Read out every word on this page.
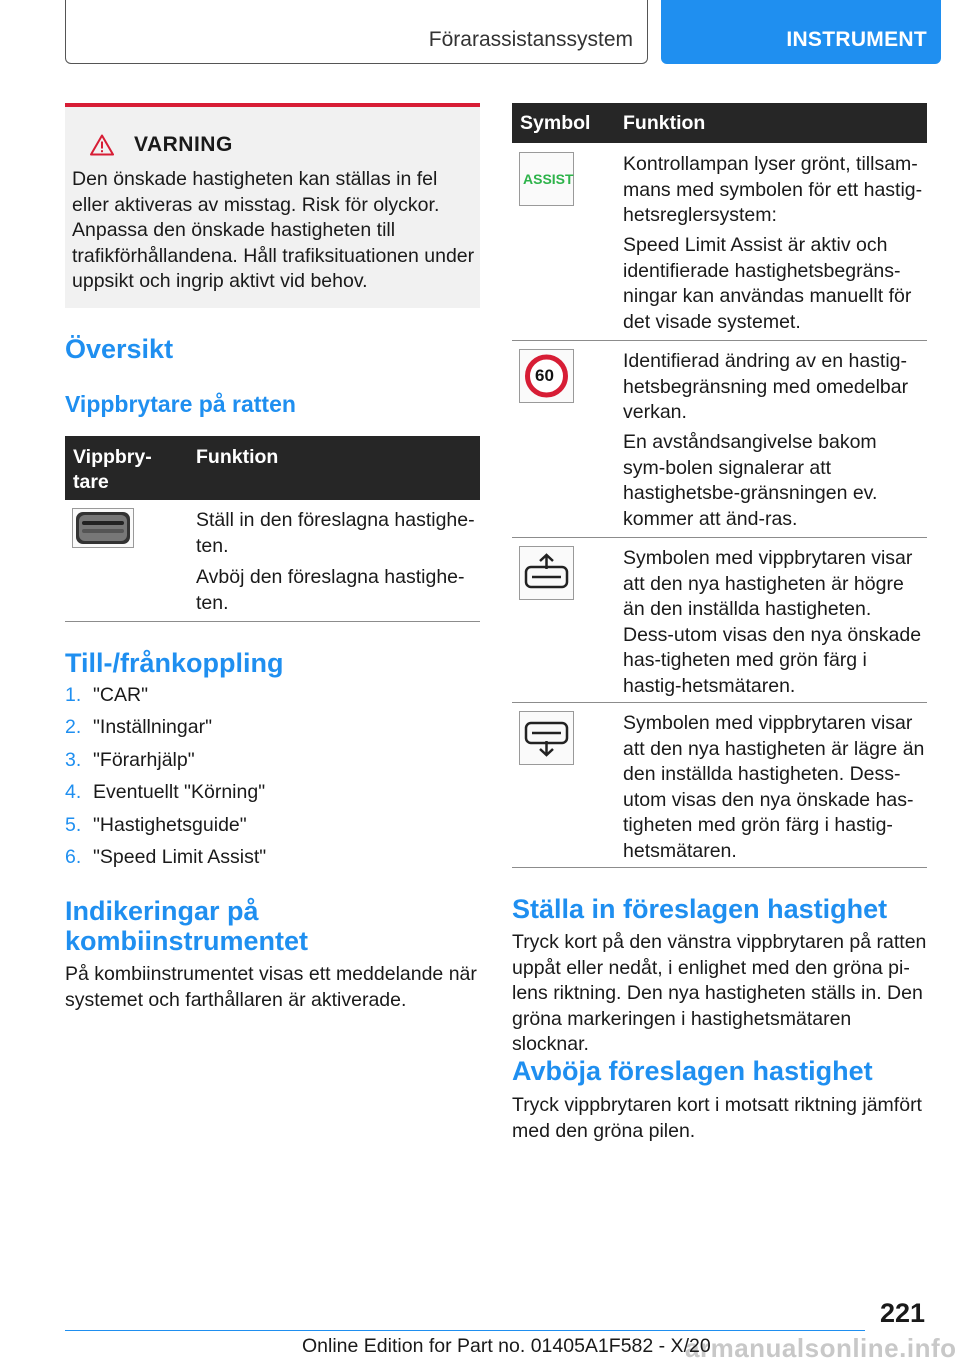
Förarassistanssystem	INSTRUMENT
VARNING
Den önskade hastigheten kan ställas in fel eller aktiveras av misstag. Risk för olyckor. Anpassa den önskade hastigheten till trafikförhållandena. Håll trafiksituationen under uppsikt och ingrip aktivt vid behov.
Översikt
Vippbrytare på ratten
Vippbry-tare
Funktion
Ställ in den föreslagna hastighe-ten.
Avböj den föreslagna hastighe-ten.
Till-/frånkoppling
1. "CAR"
2. "Inställningar"
3. "Förarhjälp"
4. Eventuellt "Körning"
5. "Hastighetsguide"
6. "Speed Limit Assist"
Indikeringar på
kombiinstrumentet
På kombiinstrumentet visas ett meddelande när systemet och farthållaren är aktiverade.
Symbol Funktion
ASSIST
Kontrollampan lyser grönt, tillsam-mans med symbolen för ett hastig-hetsreglersystem:
Speed Limit Assist är aktiv och identifierade hastighetsbegräns-ningar kan användas manuellt för det visade systemet.
60
Identifierad ändring av en hastig-hetsbegränsning med omedelbar verkan.
En avståndsangivelse bakom sym-bolen signalerar att hastighetsbe-gränsningen ev. kommer att änd-ras.
Symbolen med vippbrytaren visar att den nya hastigheten är högre än den inställda hastigheten. Dess-utom visas den nya önskade has-tigheten med grön färg i hastig-hetsmätaren.
Symbolen med vippbrytaren visar att den nya hastigheten är lägre än den inställda hastigheten. Dess-utom visas den nya önskade has-tigheten med grön färg i hastig-hetsmätaren.
Ställa in föreslagen hastighet
Tryck kort på den vänstra vippbrytaren på ratten uppåt eller nedåt, i enlighet med den gröna pi-lens riktning. Den nya hastigheten ställs in. Den gröna markeringen i hastighetsmätaren slocknar.
Avböja föreslagen hastighet
Tryck vippbrytaren kort i motsatt riktning jämfört med den gröna pilen.
221
armanualsonline.info
Online Edition for Part no. 01405A1F582 - X/20
